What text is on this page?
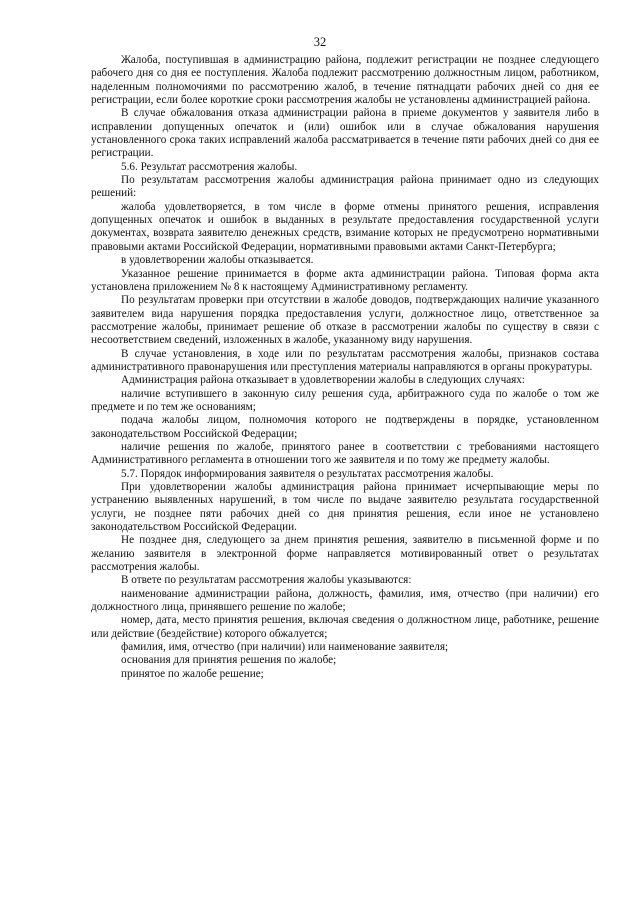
32

Жалоба, поступившая в администрацию района, подлежит регистрации не позднее следующего рабочего дня со дня ее поступления. Жалоба подлежит рассмотрению должностным лицом, работником, наделенным полномочиями по рассмотрению жалоб, в течение пятнадцати рабочих дней со дня ее регистрации, если более короткие сроки рассмотрения жалобы не установлены администрацией района.

В случае обжалования отказа администрации района в приеме документов у заявителя либо в исправлении допущенных опечаток и (или) ошибок или в случае обжалования нарушения установленного срока таких исправлений жалоба рассматривается в течение пяти рабочих дней со дня ее регистрации.

5.6. Результат рассмотрения жалобы.

По результатам рассмотрения жалобы администрация района принимает одно из следующих решений:

жалоба удовлетворяется, в том числе в форме отмены принятого решения, исправления допущенных опечаток и ошибок в выданных в результате предоставления государственной услуги документах, возврата заявителю денежных средств, взимание которых не предусмотрено нормативными правовыми актами Российской Федерации, нормативными правовыми актами Санкт-Петербурга;

в удовлетворении жалобы отказывается.

Указанное решение принимается в форме акта администрации района. Типовая форма акта установлена приложением № 8 к настоящему Административному регламенту.

По результатам проверки при отсутствии в жалобе доводов, подтверждающих наличие указанного заявителем вида нарушения порядка предоставления услуги, должностное лицо, ответственное за рассмотрение жалобы, принимает решение об отказе в рассмотрении жалобы по существу в связи с несоответствием сведений, изложенных в жалобе, указанному виду нарушения.

В случае установления, в ходе или по результатам рассмотрения жалобы, признаков состава административного правонарушения или преступления материалы направляются в органы прокуратуры.

Администрация района отказывает в удовлетворении жалобы в следующих случаях:

наличие вступившего в законную силу решения суда, арбитражного суда по жалобе о том же предмете и по тем же основаниям;

подача жалобы лицом, полномочия которого не подтверждены в порядке, установленном законодательством Российской Федерации;

наличие решения по жалобе, принятого ранее в соответствии с требованиями настоящего Административного регламента в отношении того же заявителя и по тому же предмету жалобы.

5.7. Порядок информирования заявителя о результатах рассмотрения жалобы.

При удовлетворении жалобы администрация района принимает исчерпывающие меры по устранению выявленных нарушений, в том числе по выдаче заявителю результата государственной услуги, не позднее пяти рабочих дней со дня принятия решения, если иное не установлено законодательством Российской Федерации.

Не позднее дня, следующего за днем принятия решения, заявителю в письменной форме и по желанию заявителя в электронной форме направляется мотивированный ответ о результатах рассмотрения жалобы.

В ответе по результатам рассмотрения жалобы указываются:

наименование администрации района, должность, фамилия, имя, отчество (при наличии) его должностного лица, принявшего решение по жалобе;

номер, дата, место принятия решения, включая сведения о должностном лице, работнике, решение или действие (бездействие) которого обжалуется;

фамилия, имя, отчество (при наличии) или наименование заявителя;

основания для принятия решения по жалобе;

принятое по жалобе решение;
